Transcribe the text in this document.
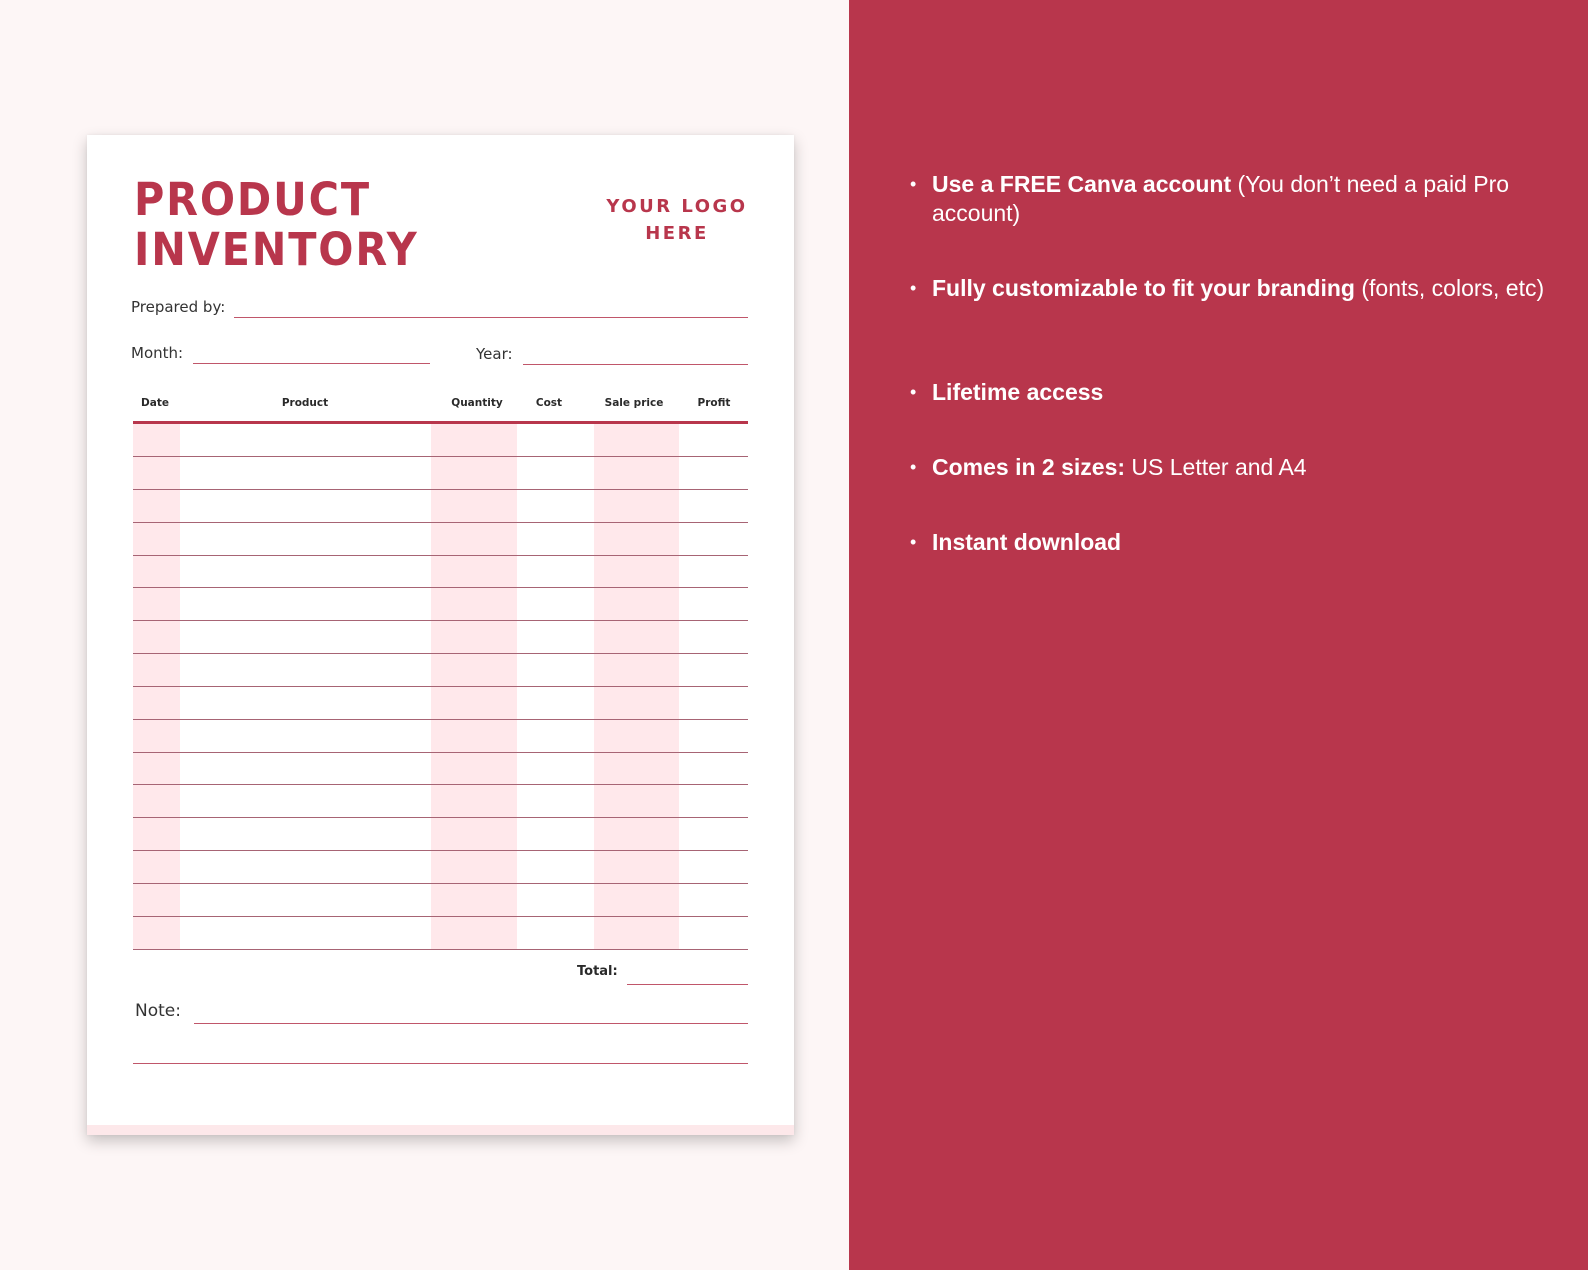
PRODUCT
INVENTORY
YOUR LOGO
HERE
Prepared by:
Month:	Year:
Date	Product	Quantity	Cost	Sale price	Profit
Total:
Note:
• Use a FREE Canva account (You don’t need a paid Pro account)
• Fully customizable to fit your branding (fonts, colors, etc)
• Lifetime access
• Comes in 2 sizes: US Letter and A4
• Instant download
